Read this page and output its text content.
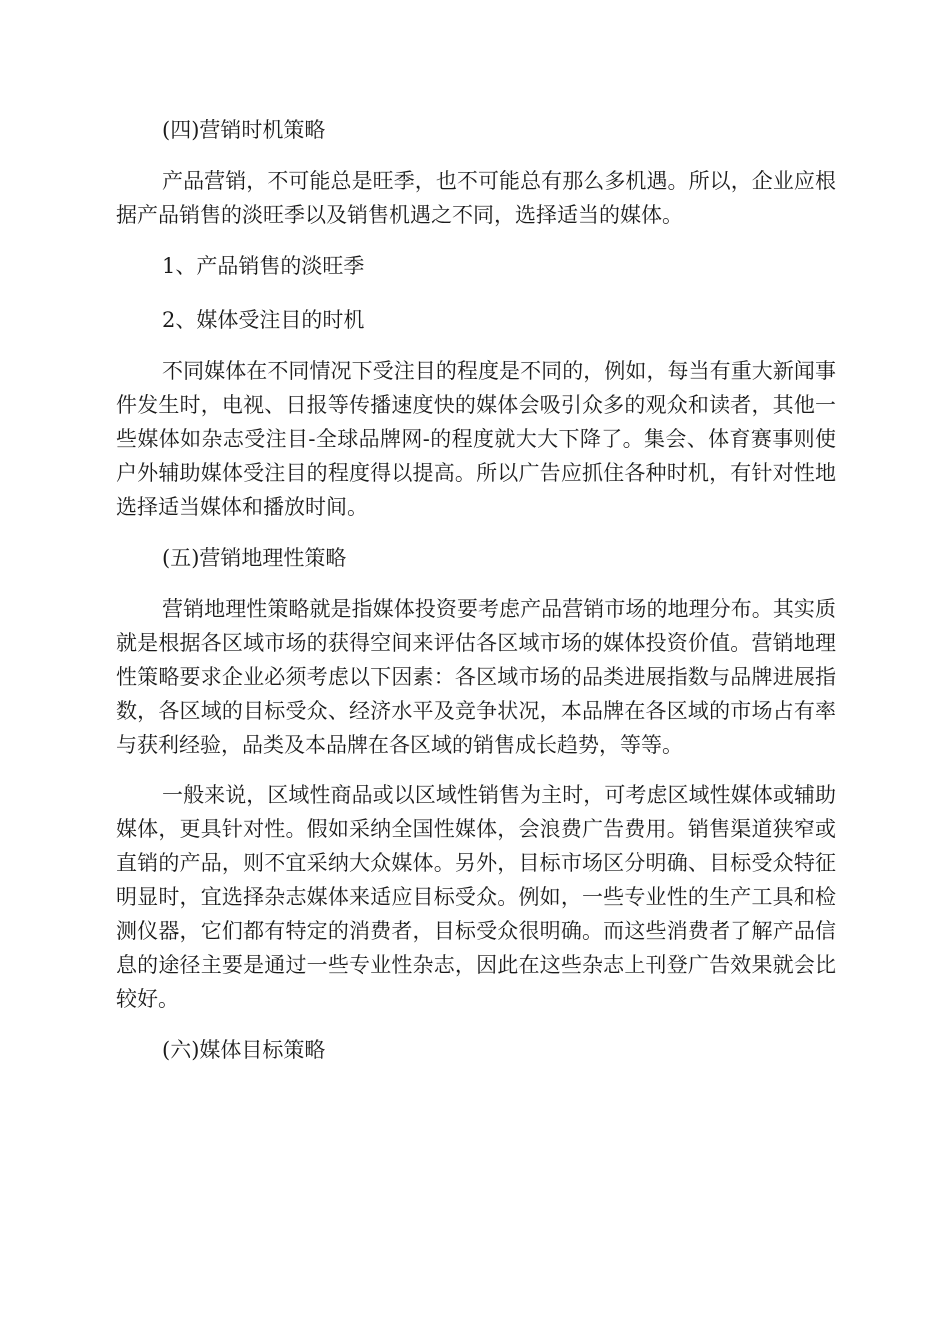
(四)营销时机策略

产品营销，不可能总是旺季，也不可能总有那么多机遇。所以，企业应根据产品销售的淡旺季以及销售机遇之不同，选择适当的媒体。

1、产品销售的淡旺季

2、媒体受注目的时机

不同媒体在不同情况下受注目的程度是不同的，例如，每当有重大新闻事件发生时，电视、日报等传播速度快的媒体会吸引众多的观众和读者，其他一些媒体如杂志受注目-全球品牌网-的程度就大大下降了。集会、体育赛事则使户外辅助媒体受注目的程度得以提高。所以广告应抓住各种时机，有针对性地选择适当媒体和播放时间。

(五)营销地理性策略

营销地理性策略就是指媒体投资要考虑产品营销市场的地理分布。其实质就是根据各区域市场的获得空间来评估各区域市场的媒体投资价值。营销地理性策略要求企业必须考虑以下因素：各区域市场的品类进展指数与品牌进展指数，各区域的目标受众、经济水平及竞争状况，本品牌在各区域的市场占有率与获利经验，品类及本品牌在各区域的销售成长趋势，等等。

一般来说，区域性商品或以区域性销售为主时，可考虑区域性媒体或辅助媒体，更具针对性。假如采纳全国性媒体，会浪费广告费用。销售渠道狭窄或直销的产品，则不宜采纳大众媒体。另外，目标市场区分明确、目标受众特征明显时，宜选择杂志媒体来适应目标受众。例如，一些专业性的生产工具和检测仪器，它们都有特定的消费者，目标受众很明确。而这些消费者了解产品信息的途径主要是通过一些专业性杂志，因此在这些杂志上刊登广告效果就会比较好。

(六)媒体目标策略
